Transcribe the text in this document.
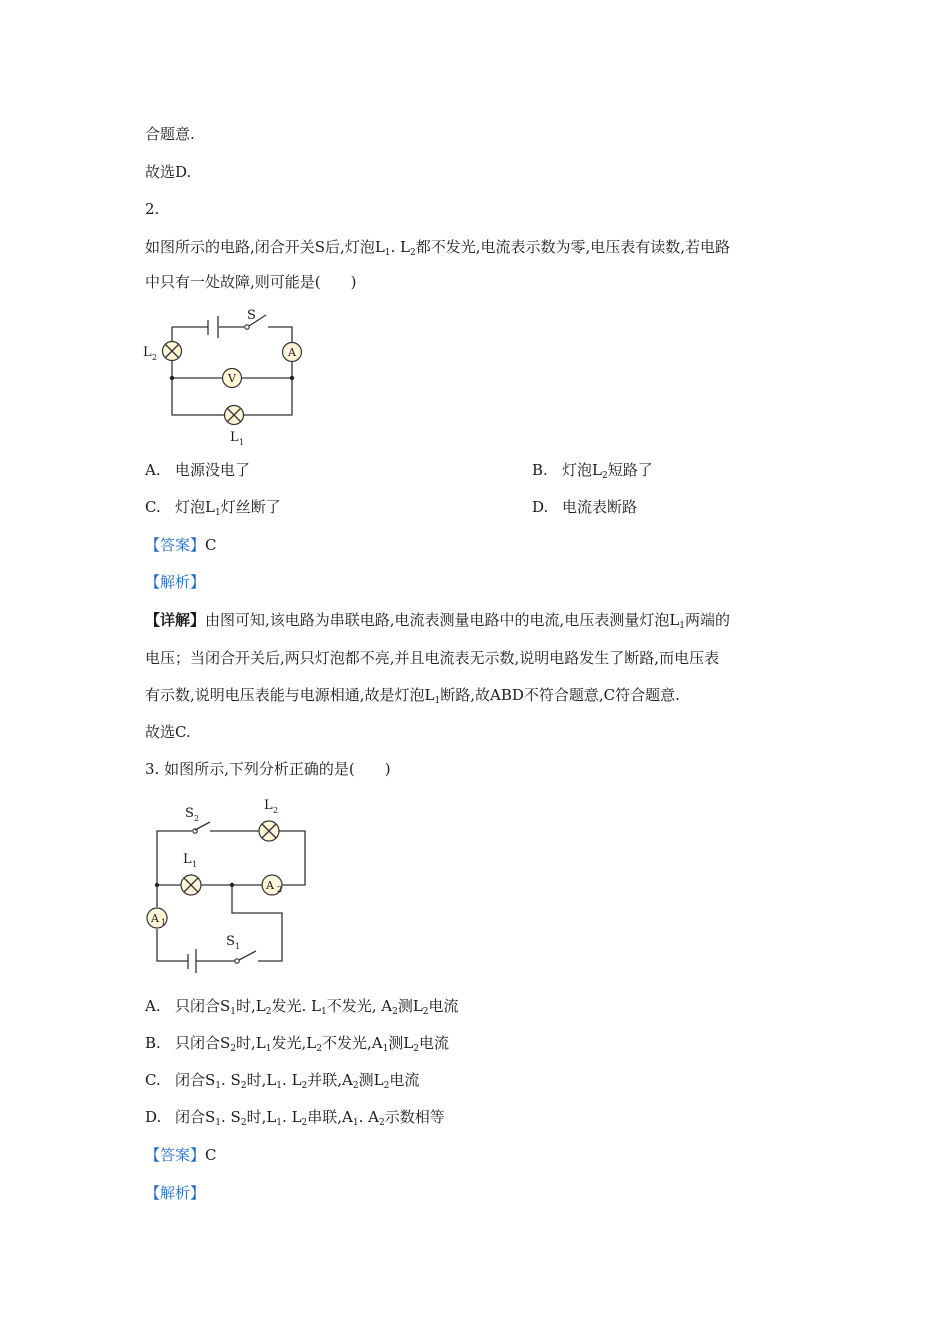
合题意.
故选D.
2.
如图所示的电路,闭合开关S后,灯泡$L_1$. $L_2$都不发光,电流表示数为零,电压表有读数,若电路
中只有一处故障,则可能是(　　)
A
V
S
L 2
L 1
A. 电源没电了	B. 灯泡$L_2$短路了
C. 灯泡$L_1$灯丝断了	D. 电流表断路
【答案】C
【解析】
【详解】由图可知,该电路为串联电路,电流表测量电路中的电流,电压表测量灯泡$L_1$两端的
电压；当闭合开关后,两只灯泡都不亮,并且电流表无示数,说明电路发生了断路,而电压表
有示数,说明电压表能与电源相通,故是灯泡$L_1$断路,故ABD不符合题意,C符合题意.
故选C.
3. 如图所示,下列分析正确的是(　　)
A 2
A 1
S 2
L 2
L 1
S 1
A. 只闭合$S_1$时$,L_2$发光. $L_1$不发光, $A_2$测$L_2$电流
B. 只闭合$S_2$时$,L_1$发光$,L_2$不发光$,A_1$测$L_2$电流
C. 闭合$S_1$. $S_2$时$,L_1$. $L_2$并联$,A_2$测$L_2$电流
D. 闭合$S_1$. $S_2$时$,L_1$. $L_2$串联$,A_1$. $A_2$示数相等
【答案】C
【解析】
